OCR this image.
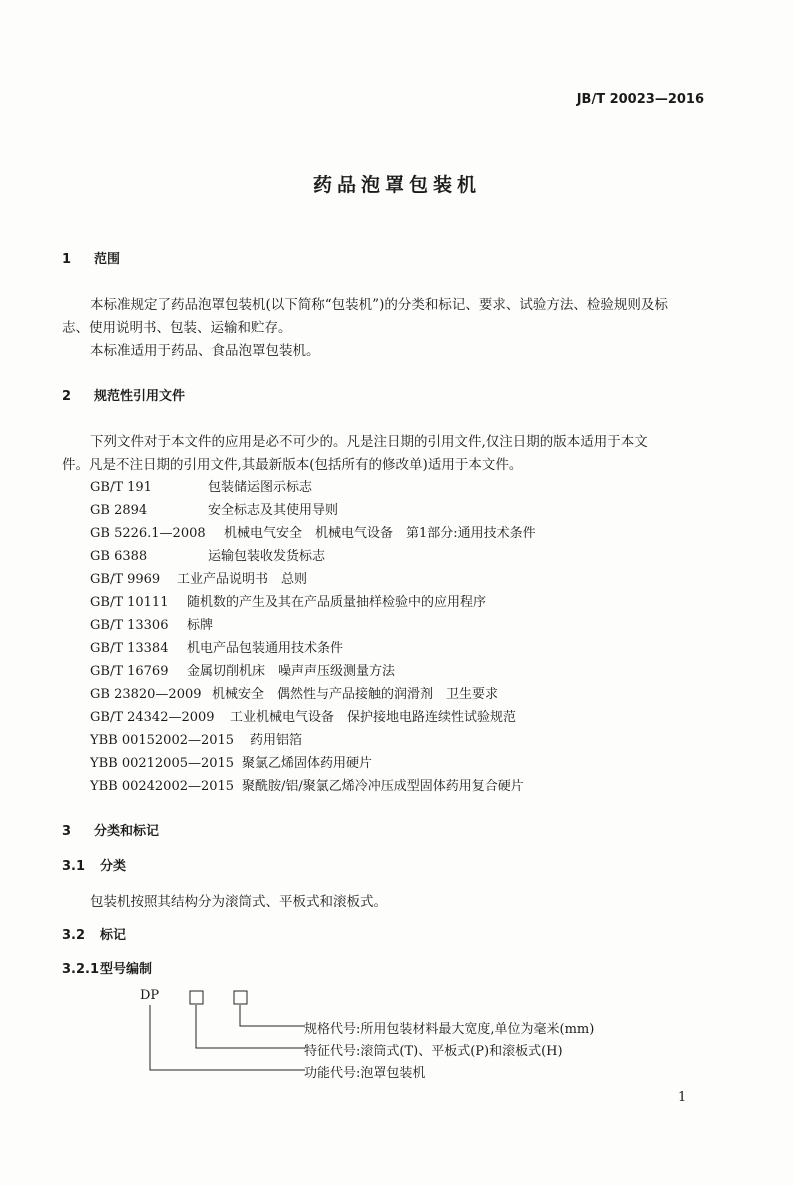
JB/T 20023—2016
药品泡罩包装机
1 范围
本标准规定了药品泡罩包装机(以下简称“包装机”)的分类和标记、要求、试验方法、检验规则及标
志、使用说明书、包装、运输和贮存。
本标准适用于药品、食品泡罩包装机。
2 规范性引用文件
下列文件对于本文件的应用是必不可少的。凡是注日期的引用文件,仅注日期的版本适用于本文
件。凡是不注日期的引用文件,其最新版本(包括所有的修改单)适用于本文件。
GB/T 191	包装储运图示标志
GB 2894	安全标志及其使用导则
GB 5226.1—2008 机械电气安全　机械电气设备　第1部分:通用技术条件
GB 6388	运输包装收发货标志
GB/T 9969 工业产品说明书　总则
GB/T 10111 随机数的产生及其在产品质量抽样检验中的应用程序
GB/T 13306 标牌
GB/T 13384 机电产品包装通用技术条件
GB/T 16769 金属切削机床　噪声声压级测量方法
GB 23820—2009 机械安全　偶然性与产品接触的润滑剂　卫生要求
GB/T 24342—2009 工业机械电气设备　保护接地电路连续性试验规范
YBB 00152002—2015 药用铝箔
YBB 00212005—2015 聚氯乙烯固体药用硬片
YBB 00242002—2015 聚酰胺/铝/聚氯乙烯冷冲压成型固体药用复合硬片
3 分类和标记
3.1 分类
包装机按照其结构分为滚筒式、平板式和滚板式。
3.2 标记
3.2.1型号编制
DP
规格代号:所用包装材料最大宽度,单位为毫米(mm)
特征代号:滚筒式(T)、平板式(P)和滚板式(H)
功能代号:泡罩包装机
1
